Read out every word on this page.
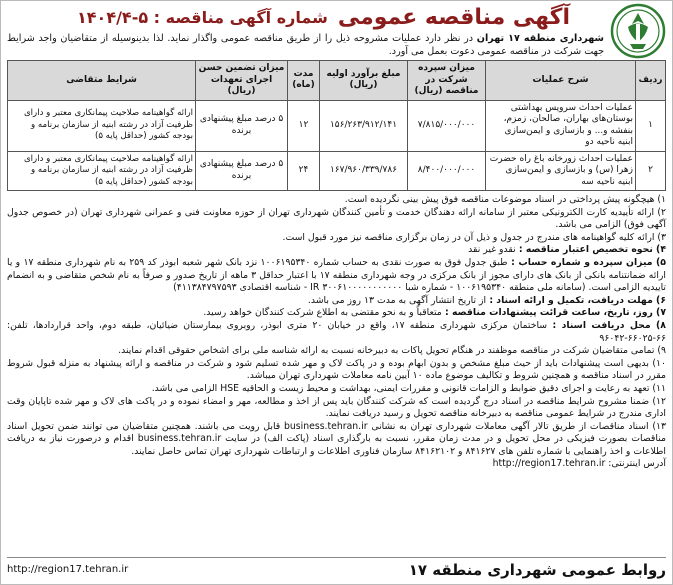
آگهی مناقصه عمومی
شماره آگهی مناقصه : ۵-۱۴۰۴/۴
شهرداری منطقه ۱۷ تهران در نظر دارد عملیات مشروحه ذیل را از طریق مناقصه عمومی واگذار نماید. لذا بدینوسیله از متقاضیان واجد شرایط جهت شرکت در مناقصه عمومی دعوت بعمل می آورد.
ردیف	شرح عملیات	میزان سپرده شرکت در مناقصه (ریال)	مبلغ برآورد اولیه (ریال)	مدت (ماه)	میزان تضمین حسن اجرای تعهدات (ریال)	شرایط متقاضی
۱	عملیات احداث سرویس بهداشتی بوستان‌های بهاران، صالحان، زمزم، بنفشه و... و بازسازی و ایمن‌سازی ابنیه ناحیه دو	۷/۸۱۵/۰۰۰/۰۰۰	۱۵۶/۲۶۳/۹۱۲/۱۴۱	۱۲	۵ درصد مبلغ پیشنهادی برنده	ارائه گواهینامه صلاحیت پیمانکاری معتبر و دارای ظرفیت آزاد در رشته ابنیه از سازمان برنامه و بودجه کشور (حداقل پایه ۵)
۲	عملیات احداث زورخانه باغ راه حضرت زهرا (س) و بازسازی و ایمن‌سازی ابنیه ناحیه سه	۸/۴۰۰/۰۰۰/۰۰۰	۱۶۷/۹۶۰/۳۳۹/۷۸۶	۲۴	۵ درصد مبلغ پیشنهادی برنده	ارائه گواهینامه صلاحیت پیمانکاری معتبر و دارای ظرفیت آزاد در رشته ابنیه از سازمان برنامه و بودجه کشور (حداقل پایه ۵)

۱) هیچگونه پیش پرداختی در اسناد موضوعات مناقصه فوق پیش بینی نگردیده است.

۲) ارائه تأییدیه کارت الکترونیکی معتبر از سامانه ارائه دهندگان خدمت و تأمین کنندگان شهرداری تهران از حوزه معاونت فنی و عمرانی شهرداری تهران (در خصوص جدول آگهی فوق) الزامی می باشد.

۳) ارائه کلیه گواهینامه های مندرج در جدول و ذیل آن در زمان برگزاری مناقصه نیز مورد قبول است.

۴) نحوه تخصیص اعتبار مناقصه : نقدو غیر نقد

۵) میزان سپرده و شماره حساب : طبق جدول فوق به صورت نقدی به حساب شماره ۱۰۰۶۱۹۵۳۴۰ نزد بانک شهر شعبه ابوذر کد ۲۵۹ به نام شهرداری منطقه ۱۷ و یا ارائه ضمانتنامه بانکی از بانک های دارای مجوز از بانک مرکزی در وجه شهرداری منطقه ۱۷ با اعتبار حداقل ۳ ماهه از تاریخ صدور و صرفاً به نام شخص متقاضی و به انضمام تاییدیه الزامی است. (سامانه ملی منطقه ۱۰۰۶۱۹۵۳۴۰ - شماره شبا IR ۳۰۰۶۱۰۰۰۰۰۰۰۰۰۰۰ - شناسه اقتصادی ۴۱۱۳۸۴۷۹۷۵۹۳)

۶) مهلت دریافت، تکمیل و ارائه اسناد : از تاریخ انتشار آگهی به مدت ۱۳ روز می باشد.

۷) روز، تاریخ، ساعت قرائت پیشنهادات مناقصه : متعاقباً و به نحو مقتضی به اطلاع شرکت کنندگان خواهد رسید.

۸) محل دریافت اسناد : ساختمان مرکزی شهرداری منطقه ۱۷، واقع در خیابان ۲۰ متری ابوذر، روبروی بیمارستان ضیائیان، طبقه دوم، واحد قراردادها، تلفن: ۶۶-۶۶۰۲۵-۹۶۰۴۲

۹) تمامی متقاضیان شرکت در مناقصه موظفند در هنگام تحویل پاکات به دبیرخانه نسبت به ارائه شناسه ملی برای اشخاص حقوقی اقدام نمایند.

۱۰) بدیهی است پیشنهادات باید از حیث مبلغ مشخص و بدون ابهام بوده و در پاکت لاک و مهر شده تسلیم شود و شرکت در مناقصه و ارائه پیشنهاد به منزله قبول شروط مقرر در اسناد مناقصه و همچنین شروط و تکالیف موضوع ماده ۱۰ آیین نامه معاملات شهرداری تهران میباشد.

۱۱) تعهد به رعایت و اجرای دقیق ضوابط و الزامات قانونی و مقررات ایمنی، بهداشت و محیط زیست و الحاقیه HSE الزامی می باشد.

۱۲) ضمنا مشروح شرایط مناقصه در اسناد درج گردیده است که شرکت کنندگان باید پس از اخذ و مطالعه، مهر و امضاء نموده و در پاکت های لاک و مهر شده تاپایان وقت اداری مندرج در شرایط عمومی مناقصه به دبیرخانه مناقصه تحویل و رسید دریافت نمایند.

۱۳) اسناد مناقصات از طریق تالار آگهی معاملات شهرداری تهران به نشانی business.tehran.ir قابل رویت می باشند. همچنین متقاضیان می توانند ضمن تحویل اسناد مناقصات بصورت فیزیکی در محل تحویل و در مدت زمان مقرر، نسبت به بارگذاری اسناد (پاکت الف) در سایت business.tehran.ir اقدام و درصورت نیاز به دریافت اطلاعات و اخذ راهنمایی با شماره تلفن های ۸۴۱۶۲۷ و ۸۴۱۶۲۱۰۲ سازمان فناوری اطلاعات و ارتباطات شهرداری تهران تماس حاصل نمایند.

آدرس اینترنتی: http://region17.tehran.ir

روابط عمومی شهرداری منطقه ۱۷
http://region17.tehran.ir
